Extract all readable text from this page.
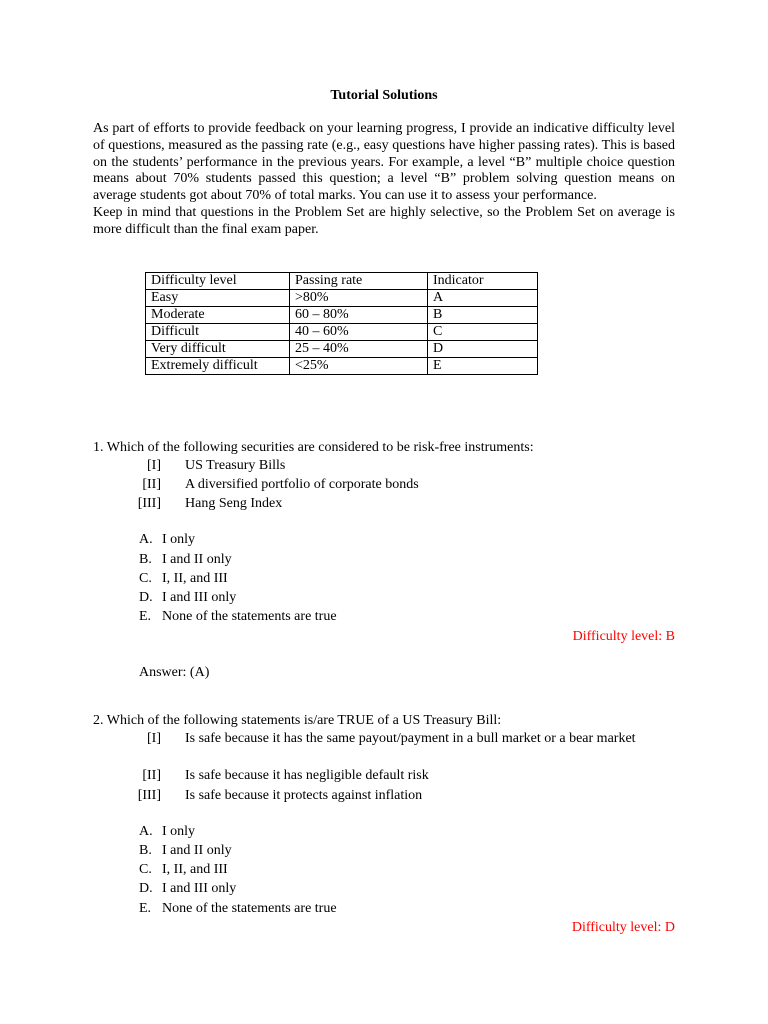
Tutorial Solutions

As part of efforts to provide feedback on your learning progress, I provide an indicative difficulty level of questions, measured as the passing rate (e.g., easy questions have higher passing rates). This is based on the students’ performance in the previous years. For example, a level “B” multiple choice question means about 70% students passed this question; a level “B” problem solving question means on average students got about 70% of total marks. You can use it to assess your performance.

Keep in mind that questions in the Problem Set are highly selective, so the Problem Set on average is more difficult than the final exam paper.

Difficulty level	Passing rate	Indicator
Easy	>80%	A
Moderate	60 – 80%	B
Difficult	40 – 60%	C
Very difficult	25 – 40%	D
Extremely difficult	<25%	E
1. Which of the following securities are considered to be risk-free instruments:
[I] US Treasury Bills
[II] A diversified portfolio of corporate bonds
[III] Hang Seng Index
A. I only
B. I and II only
C. I, II, and III
D. I and III only
E. None of the statements are true
Difficulty level: B
Answer: (A)
2. Which of the following statements is/are TRUE of a US Treasury Bill:
[I] Is safe because it has the same payout/payment in a bull market or a bear market
[II] Is safe because it has negligible default risk
[III] Is safe because it protects against inflation
A. I only
B. I and II only
C. I, II, and III
D. I and III only
E. None of the statements are true
Difficulty level: D
